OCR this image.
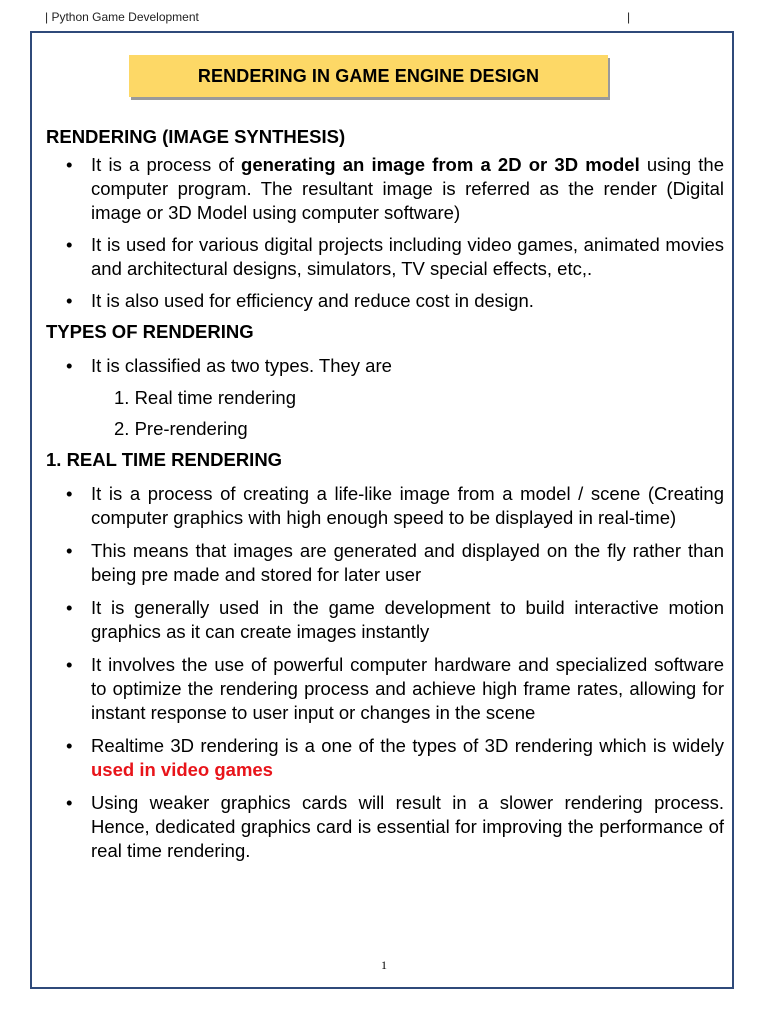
| Python Game Development	|
RENDERING IN GAME ENGINE DESIGN
RENDERING (IMAGE SYNTHESIS)
• It is a process of generating an image from a 2D or 3D model using the computer program. The resultant image is referred as the render (Digital image or 3D Model using computer software)
• It is used for various digital projects including video games, animated movies and architectural designs, simulators, TV special effects, etc,.
• It is also used for efficiency and reduce cost in design.
TYPES OF RENDERING
• It is classified as two types. They are
1. Real time rendering
2. Pre-rendering
1. REAL TIME RENDERING
• It is a process of creating a life-like image from a model / scene (Creating computer graphics with high enough speed to be displayed in real-time)
• This means that images are generated and displayed on the fly rather than being pre made and stored for later user
• It is generally used in the game development to build interactive motion graphics as it can create images instantly
• It involves the use of powerful computer hardware and specialized software to optimize the rendering process and achieve high frame rates, allowing for instant response to user input or changes in the scene
• Realtime 3D rendering is a one of the types of 3D rendering which is widely used in video games
• Using weaker graphics cards will result in a slower rendering process. Hence, dedicated graphics card is essential for improving the performance of real time rendering.
1
